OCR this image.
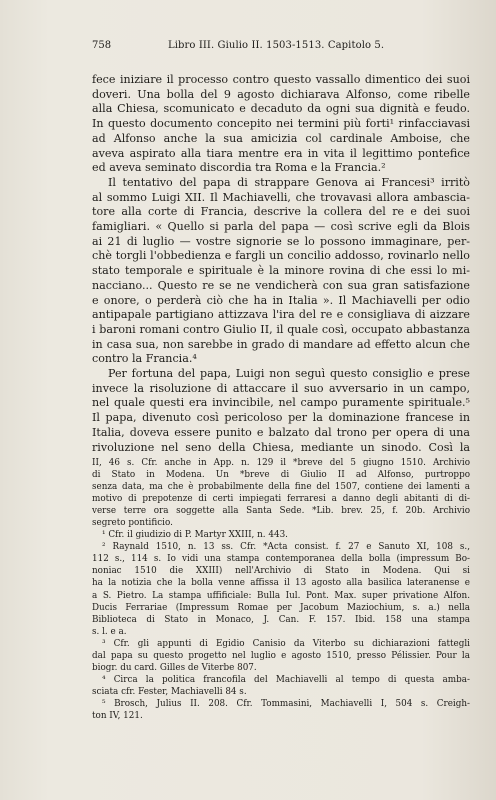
758	Libro III. Giulio II. 1503-1513. Capitolo 5.
fece iniziare il processo contro questo vassallo dimentico dei suoi
doveri. Una bolla del 9 agosto dichiarava Alfonso, come ribelle
alla Chiesa, scomunicato e decaduto da ogni sua dignità e feudo.
In questo documento concepito nei termini più forti¹ rinfacciavasi
ad Alfonso anche la sua amicizia col cardinale Amboise, che
aveva aspirato alla tiara mentre era in vita il legittimo pontefice
ed aveva seminato discordia tra Roma e la Francia.²
Il tentativo del papa di strappare Genova ai Francesi³ irritò
al sommo Luigi XII. Il Machiavelli, che trovavasi allora ambascia-
tore alla corte di Francia, descrive la collera del re e dei suoi
famigliari. « Quello si parla del papa — così scrive egli da Blois
ai 21 di luglio — vostre signorie se lo possono immaginare, per-
chè torgli l'obbedienza e fargli un concilio addosso, rovinarlo nello
stato temporale e spirituale è la minore rovina di che essi lo mi-
nacciano... Questo re se ne vendicherà con sua gran satisfazione
e onore, o perderà ciò che ha in Italia ». Il Machiavelli per odio
antipapale partigiano attizzava l'ira del re e consigliava di aizzare
i baroni romani contro Giulio II, il quale così, occupato abbastanza
in casa sua, non sarebbe in grado di mandare ad effetto alcun che
contro la Francia.⁴
Per fortuna del papa, Luigi non seguì questo consiglio e prese
invece la risoluzione di attaccare il suo avversario in un campo,
nel quale questi era invincibile, nel campo puramente spirituale.⁵
Il papa, divenuto così pericoloso per la dominazione francese in
Italia, doveva essere punito e balzato dal trono per opera di una
rivoluzione nel seno della Chiesa, mediante un sinodo. Così la
II, 46 s. Cfr. anche in App. n. 129 il *breve del 5 giugno 1510. Archivio
di Stato in Modena. Un *breve di Giulio II ad Alfonso, purtroppo
senza data, ma che è probabilmente della fine del 1507, contiene dei lamenti a
motivo di prepotenze di certi impiegati ferraresi a danno degli abitanti di di-
verse terre ora soggette alla Santa Sede. *Lib. brev. 25, f. 20b. Archivio
segreto pontificio.
¹ Cfr. il giudizio di P. Martyr XXIII, n. 443.
² Raynald 1510, n. 13 ss. Cfr. *Acta consist. f. 27 e Sanuto XI, 108 s.,
112 s., 114 s. Io vidi una stampa contemporanea della bolla (impressum Bo-
noniac 1510 die XXIII) nell'Archivio di Stato in Modena. Qui si
ha la notizia che la bolla venne affissa il 13 agosto alla basilica lateranense e
a S. Pietro. La stampa uffificiale: Bulla Iul. Pont. Max. super privatione Alfon.
Ducis Ferrariae (Impressum Romae per Jacobum Maziochium, s. a.) nella
Biblioteca di Stato in Monaco, J. Can. F. 157. Ibid. 158 una stampa
s. l. e a.
³ Cfr. gli appunti di Egidio Canisio da Viterbo su dichiarazioni fattegli
dal papa su questo progetto nel luglio e agosto 1510, presso Pélissier. Pour la
biogr. du card. Gilles de Viterbe 807.
⁴ Circa la politica francofila del Machiavelli al tempo di questa amba-
sciata cfr. Fester, Machiavelli 84 s.
⁵ Brosch, Julius II. 208. Cfr. Tommasini, Machiavelli I, 504 s. Creigh-
ton IV, 121.
